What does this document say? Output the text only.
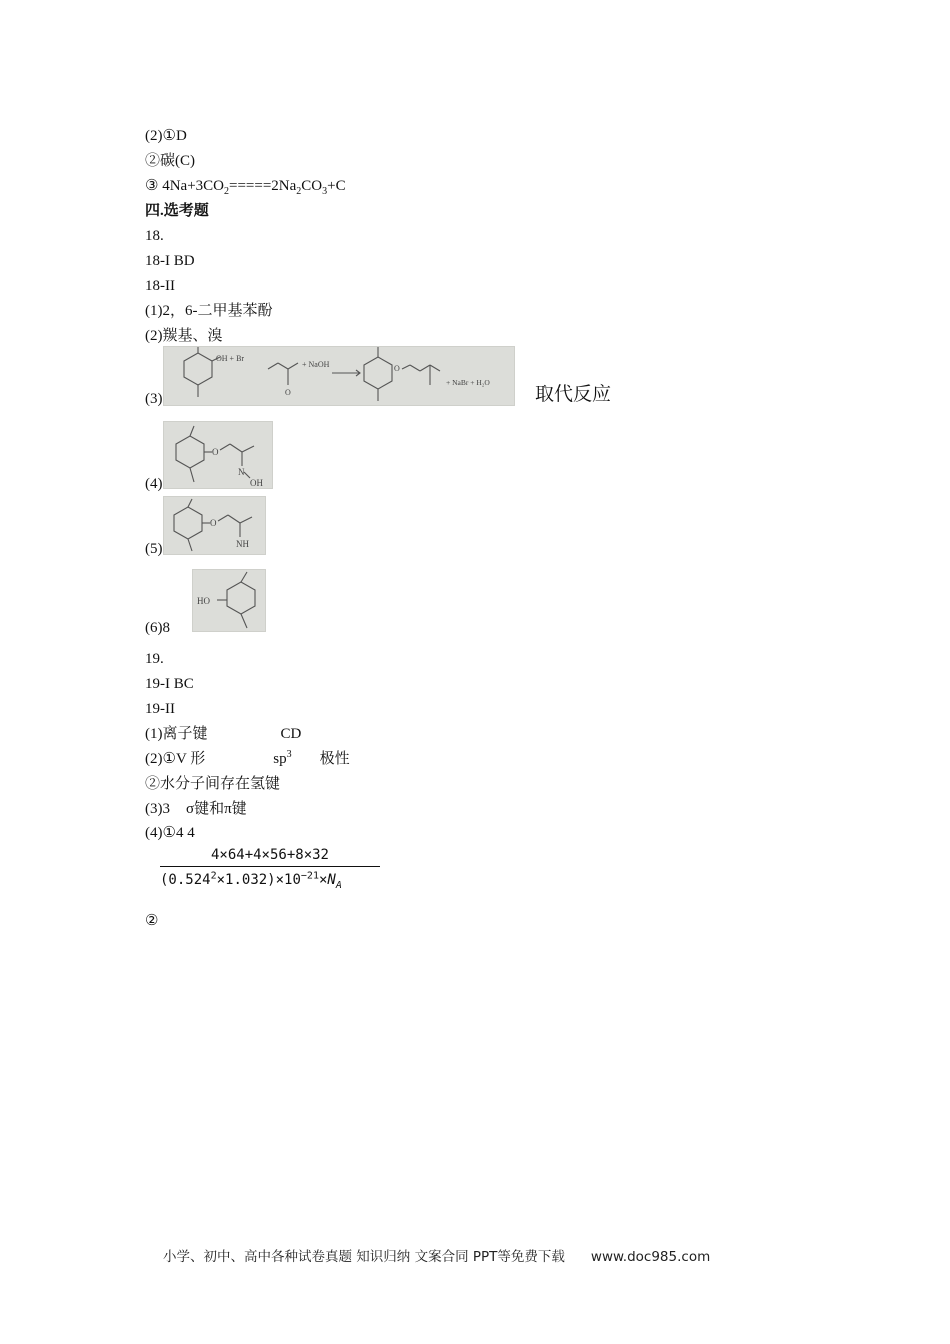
(2)①D
②碳(C)
③ $4Na+3CO_2=====2Na_2CO_3+C$
四.选考题
18.
18-I BD
18-II
(1)2，6-二甲基苯酚
(2)羰基、溴
(3)
OH + Br
+ NaOH
+ NaBr + H₂O
O
O
取代反应
(4)
O
N
OH
(5)
O
NH
(6)8
HO
19.
19-I BC
19-II
(1)离子键	CD
(2)①V 形	$sp^3$ 极性
②水分子间存在氢键
(3)3 σ键和π键
(4)①4 4
4×64+4×56+8×32
$(0.524^2\times 1.032)\times 10^{-21}\times N_A$
②
小学、初中、高中各种试卷真题 知识归纳 文案合同 PPT等免费下载 www.doc985.com
